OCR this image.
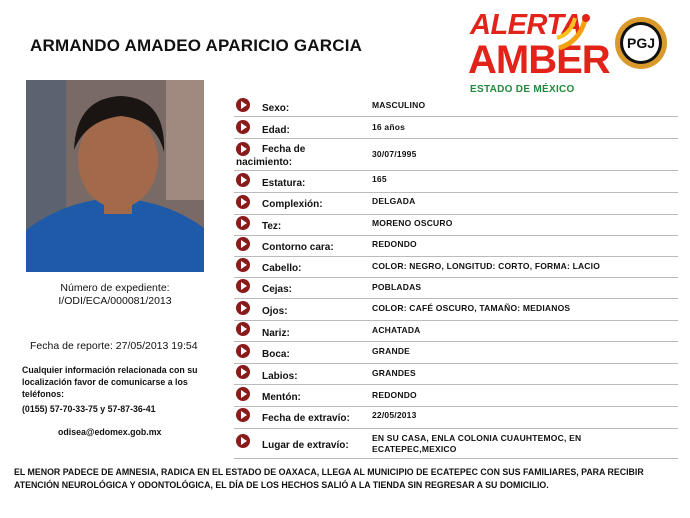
ARMANDO AMADEO APARICIO GARCIA
ALERTA
AMBER
ESTADO DE MÉXICO
PGJ
Sexo:	MASCULINO
Edad:	16 años
Fecha de nacimiento:
30/07/1995
Estatura:	165
Complexión:	DELGADA
Tez:	MORENO OSCURO
Contorno cara:	REDONDO
Cabello:	COLOR: NEGRO, LONGITUD: CORTO, FORMA: LACIO
Cejas:	POBLADAS
Ojos:	COLOR: CAFÉ OSCURO, TAMAÑO: MEDIANOS
Nariz:	ACHATADA
Boca:	GRANDE
Labios:	GRANDES
Mentón:	REDONDO
Fecha de extravío:	22/05/2013
Lugar de extravío:
EN SU CASA, ENLA COLONIA CUAUHTEMOC, EN ECATEPEC,MEXICO
Número de expediente:
I/ODI/ECA/000081/2013
Fecha de reporte: 27/05/2013 19:54
Cualquier información relacionada con su localización favor de comunicarse a los teléfonos:
(0155) 57-70-33-75 y 57-87-36-41
odisea@edomex.gob.mx
EL MENOR PADECE DE AMNESIA, RADICA EN EL ESTADO DE OAXACA, LLEGA AL MUNICIPIO DE ECATEPEC CON SUS FAMILIARES, PARA RECIBIR ATENCIÓN NEUROLÓGICA Y ODONTOLÓGICA, EL DÍA DE LOS HECHOS SALIÓ A LA TIENDA SIN REGRESAR A SU DOMICILIO.
